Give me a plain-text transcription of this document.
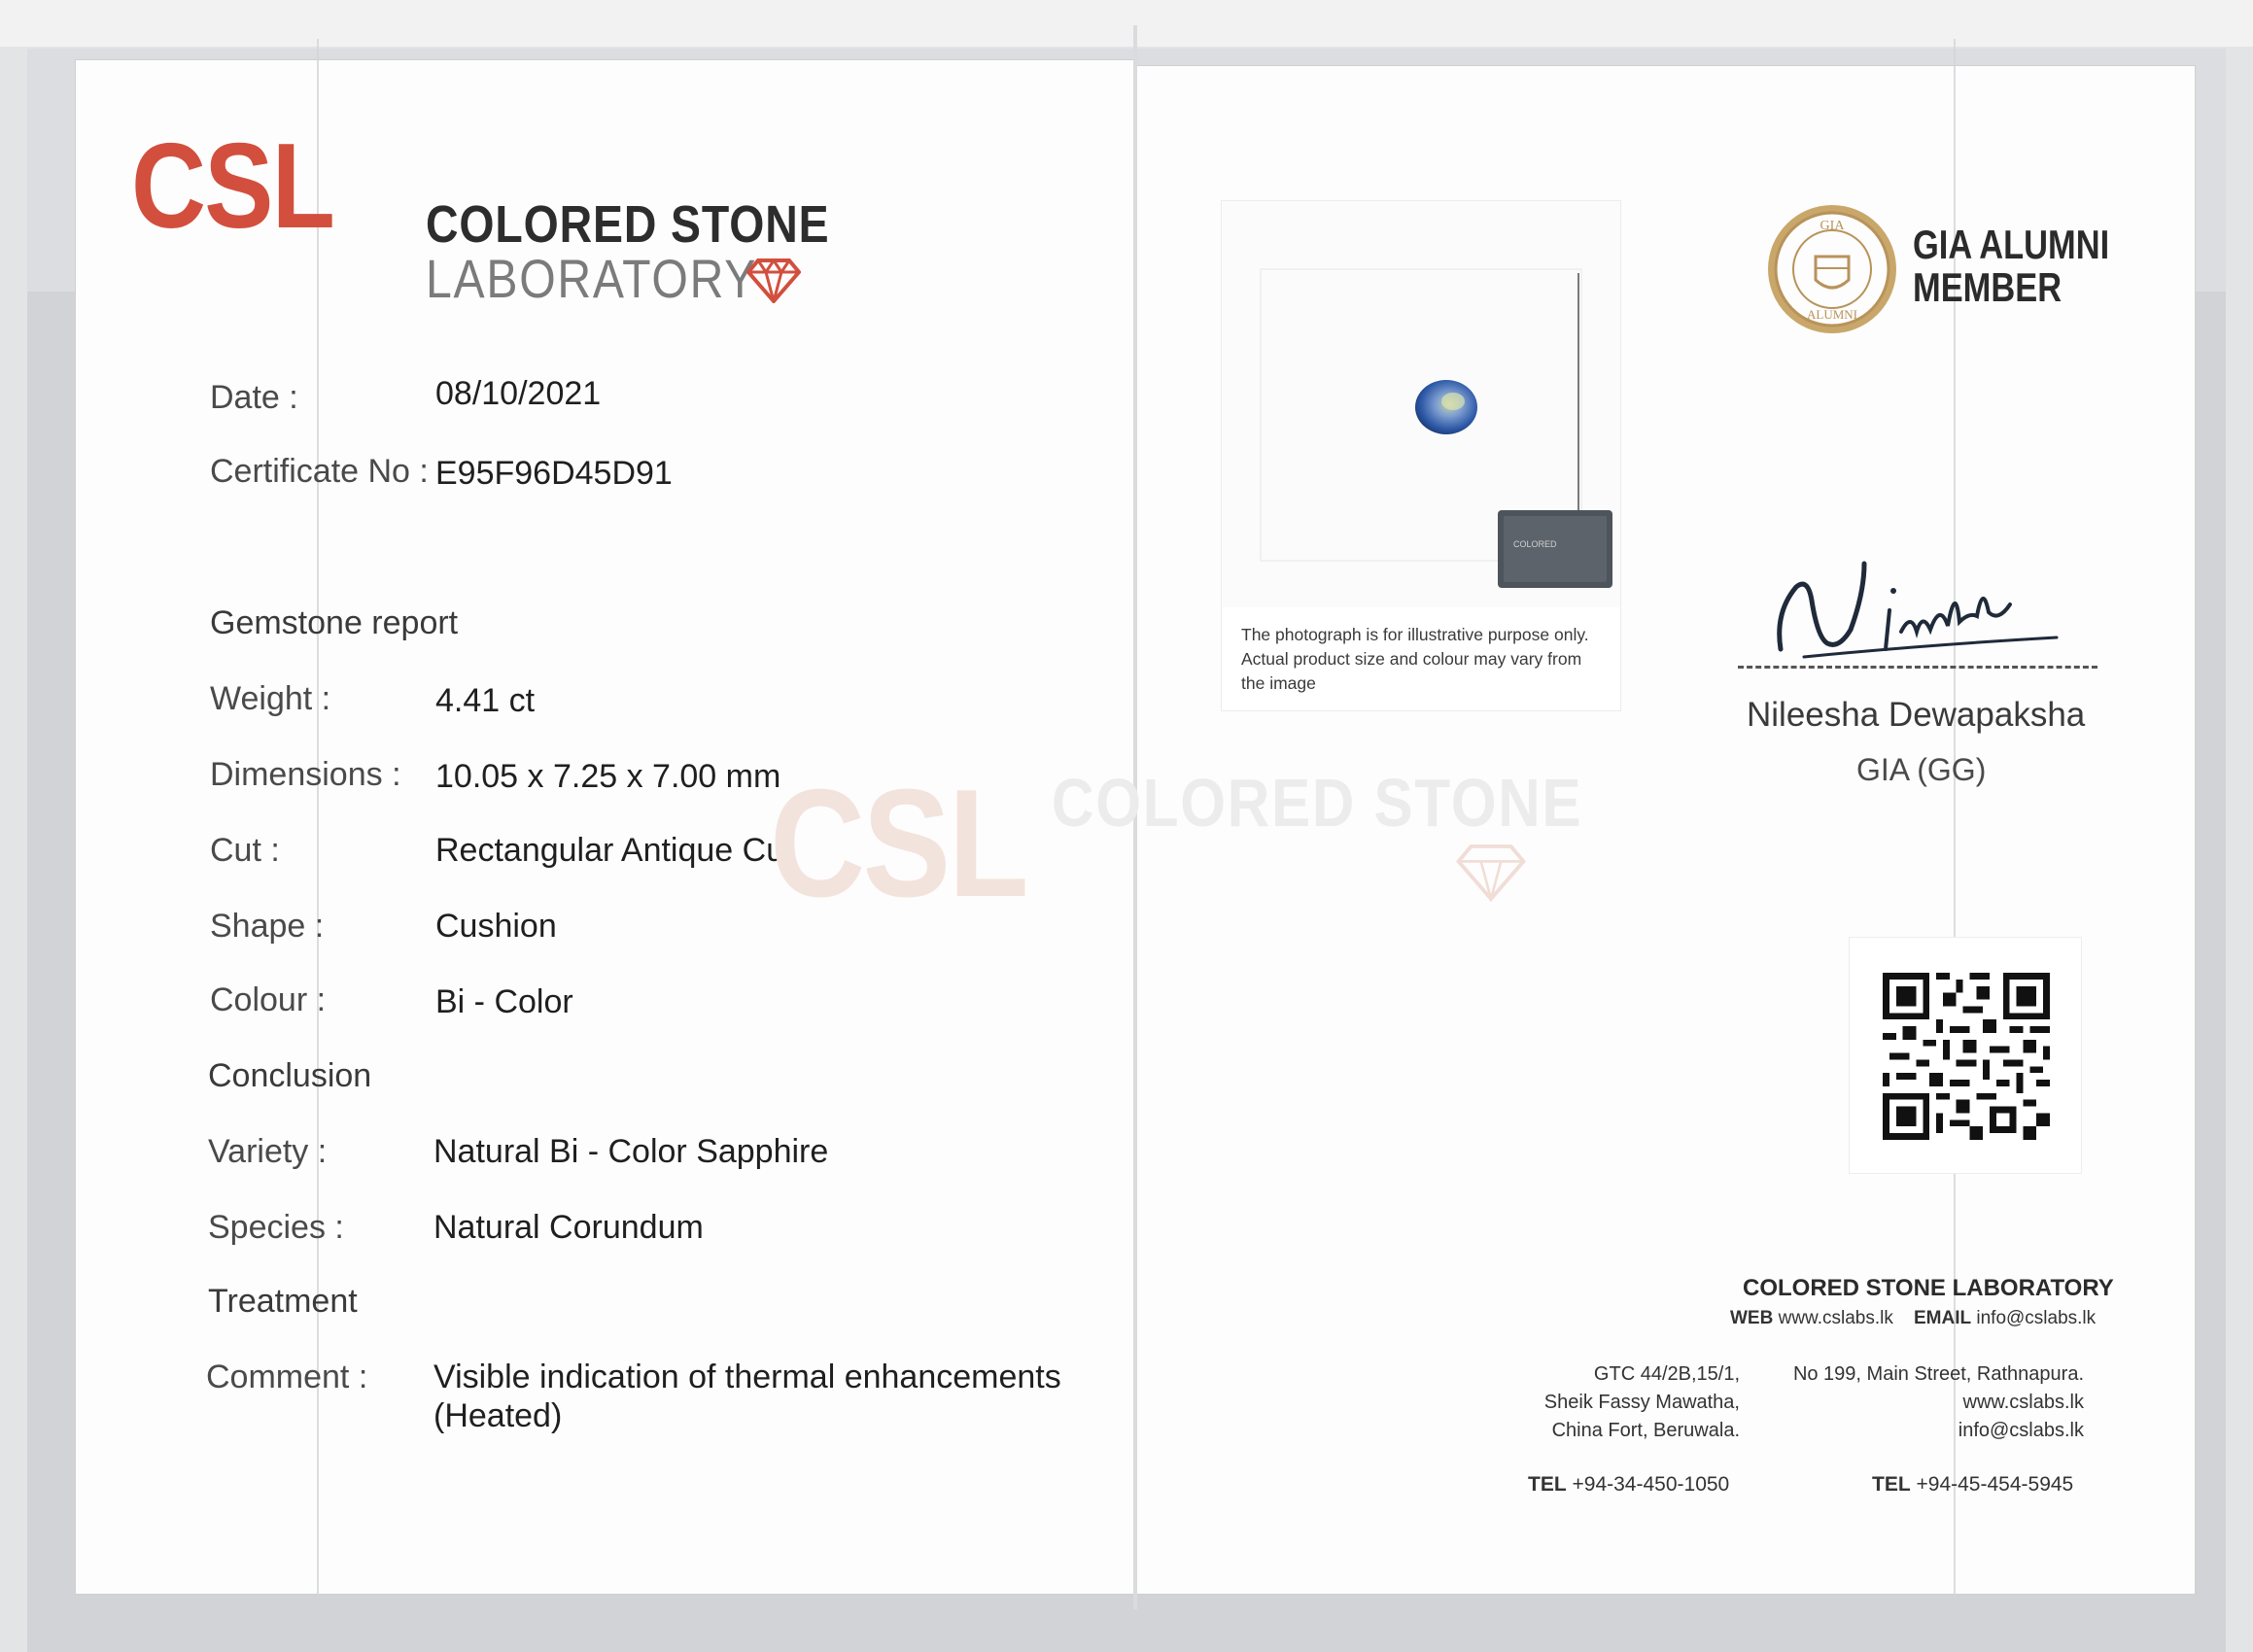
CSL COLORED STONE
LABORATORY
Date :	08/10/2021
Certificate No : E95F96D45D91
Gemstone report
Weight :	4.41 ct
Dimensions : 10.05 x 7.25 x 7.00 mm
Cut :	Rectangular Antique Cut
Shape :	Cushion
Colour :	Bi - Color
Conclusion
Variety :	Natural Bi - Color Sapphire
Species :	Natural Corundum
Treatment
Comment : Visible indication of thermal enhancements
(Heated)
CSL COLORED STONE
COLORED
The photograph is for illustrative purpose only.
Actual product size and colour may vary from
the image
GIA
ALUMNI
GIA ALUMNI
MEMBER
Nileesha Dewapaksha
GIA (GG)
COLORED STONE LABORATORY
WEB www.cslabs.lk EMAIL info@cslabs.lk
GTC 44/2B,15/1,
Sheik Fassy Mawatha,
China Fort, Beruwala.
TEL +94-34-450-1050
No 199, Main Street, Rathnapura.
www.cslabs.lk
info@cslabs.lk
TEL +94-45-454-5945
